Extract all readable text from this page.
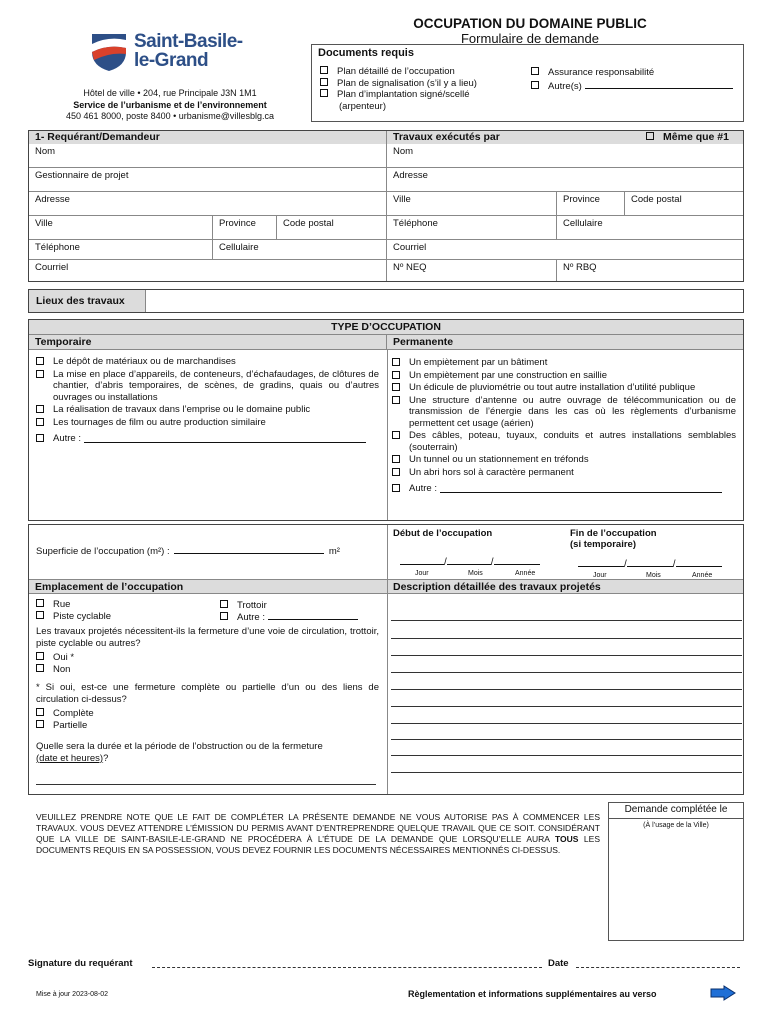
Saint-Basile-
le-Grand
Hôtel de ville • 204, rue Principale J3N 1M1
Service de l’urbanisme et de l’environnement
450 461 8000, poste 8400 • urbanisme@villesblg.ca
OCCUPATION DU DOMAINE PUBLIC
Formulaire de demande
Documents requis
Plan détaillé de l’occupation
Plan de signalisation (s’il y a lieu)
Plan d’implantation signé/scellé
(arpenteur)
Assurance responsabilité
Autre(s)
1- Requérant/Demandeur	Travaux exécutés par	Même que #1
Nom
Gestionnaire de projet
Adresse
Ville	Province	Code postal
Téléphone	Cellulaire
Courriel
Nom
Adresse
Ville	Province	Code postal
Téléphone	Cellulaire
Courriel
Nº NEQ	Nº RBQ
Lieux des travaux
TYPE D’OCCUPATION
Temporaire	Permanente
Le dépôt de matériaux ou de marchandises
La mise en place d’appareils, de conteneurs, d’échafaudages, de clôtures de chantier, d’abris temporaires, de scènes, de gradins, quais ou d’autres ouvrages ou installations
La réalisation de travaux dans l’emprise ou le domaine public
Les tournages de film ou autre production similaire
Autre :
Un empiètement par un bâtiment
Un empiètement par une construction en saillie
Un édicule de pluviométrie ou tout autre installation d’utilité publique
Une structure d’antenne ou autre ouvrage de télécommunication ou de transmission de l’énergie dans les cas où les règlements d’urbanisme permettent cet usage (aérien)
Des câbles, poteau, tuyaux, conduits et autres installations semblables (souterrain)
Un tunnel ou un stationnement en tréfonds
Un abri hors sol à caractère permanent
Autre :
Superficie de l’occupation (m²) :	m²
Début de l’occupation	Fin de l’occupation
(si temporaire)
/	/
Jour	Mois	Année
/	/
Jour	Mois	Année
Emplacement de l’occupation	Description détaillée des travaux projetés
Rue
Piste cyclable
Trottoir
Autre :
Les travaux projetés nécessitent-ils la fermeture d’une voie de circulation, trottoir, piste cyclable ou autres?
Oui *
Non
* Si oui, est-ce une fermeture complète ou partielle d’un ou des liens de circulation ci-dessus?
Complète
Partielle
Quelle sera la durée et la période de l’obstruction ou de la fermeture
(date et heures)?
VEUILLEZ PRENDRE NOTE QUE LE FAIT DE COMPLÉTER LA PRÉSENTE DEMANDE NE VOUS AUTORISE PAS À COMMENCER LES TRAVAUX. VOUS DEVEZ ATTENDRE L’ÉMISSION DU PERMIS AVANT D’ENTREPRENDRE QUELQUE TRAVAIL QUE CE SOIT. CONSIDÉRANT QUE LA VILLE DE SAINT-BASILE-LE-GRAND NE PROCÉDERA À L’ÉTUDE DE LA DEMANDE QUE LORSQU’ELLE AURA TOUS LES DOCUMENTS REQUIS EN SA POSSESSION, VOUS DEVEZ FOURNIR LES DOCUMENTS NÉCESSAIRES MENTIONNÉS CI-DESSUS.
Demande complétée le
(À l’usage de la Ville)
Signature du requérant	Date
Mise à jour 2023-08-02	Règlementation et informations supplémentaires au verso
